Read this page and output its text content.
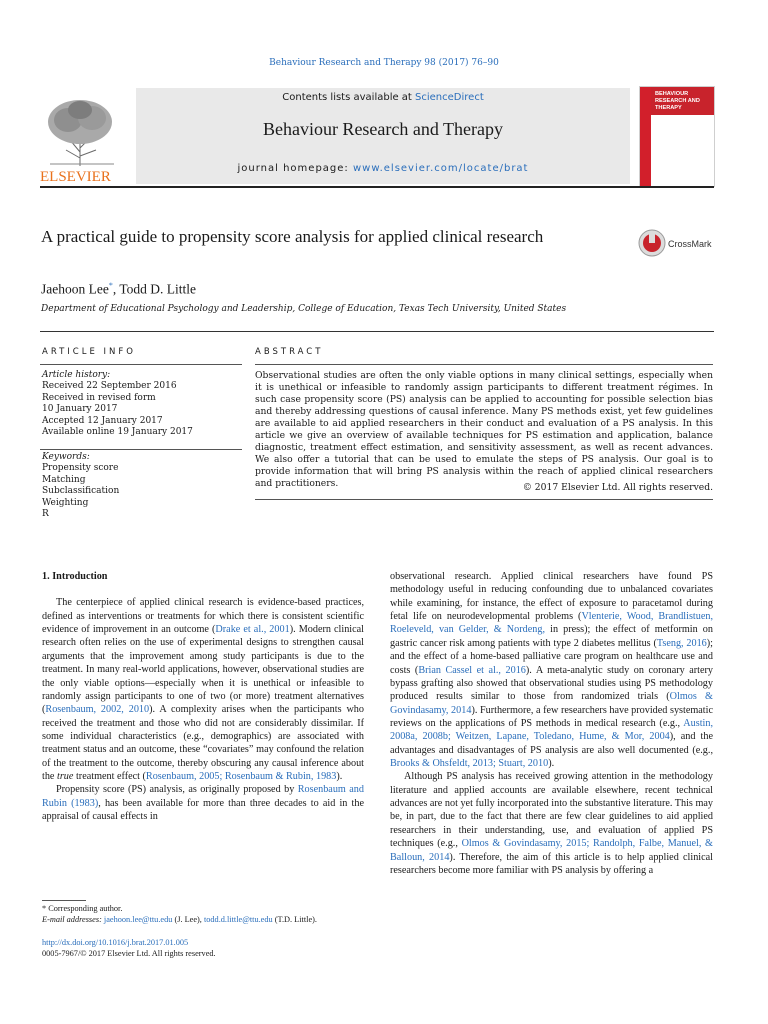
Behaviour Research and Therapy 98 (2017) 76–90
ELSEVIER
Contents lists available at ScienceDirect
Behaviour Research and Therapy
journal homepage: www.elsevier.com/locate/brat
BEHAVIOUR
RESEARCH AND
THERAPY
A practical guide to propensity score analysis for applied clinical research	CrossMark
Jaehoon Lee*, Todd D. Little
Department of Educational Psychology and Leadership, College of Education, Texas Tech University, United States
ARTICLE INFO
Article history:
Received 22 September 2016
Received in revised form
10 January 2017
Accepted 12 January 2017
Available online 19 January 2017
Keywords:
Propensity score
Matching
Subclassification
Weighting
R
ABSTRACT
Observational studies are often the only viable options in many clinical settings, especially when it is unethical or infeasible to randomly assign participants to different treatment régimes. In such case propensity score (PS) analysis can be applied to accounting for possible selection bias and thereby addressing questions of causal inference. Many PS methods exist, yet few guidelines are available to aid applied researchers in their conduct and evaluation of a PS analysis. In this article we give an overview of available techniques for PS estimation and application, balance diagnostic, treatment effect estimation, and sensitivity assessment, as well as recent advances. We also offer a tutorial that can be used to emulate the steps of PS analysis. Our goal is to provide information that will bring PS analysis within the reach of applied clinical researchers and practitioners.	© 2017 Elsevier Ltd. All rights reserved.
1. Introduction

The centerpiece of applied clinical research is evidence-based practices, defined as interventions or treatments for which there is consistent scientific evidence of improvement in an outcome (Drake et al., 2001). Modern clinical research often relies on the use of experimental designs to strengthen causal arguments that the improvement among study participants is due to the treatment. In many real-world applications, however, observational studies are the only viable options—especially when it is unethical or infeasible to randomly assign participants to one of two (or more) treatment alternatives (Rosenbaum, 2002, 2010). A complexity arises when the participants who received the treatment and those who did not are considerably dissimilar. If some individual characteristics (e.g., demographics) are associated with treatment status and an outcome, these “covariates” may confound the relation of the treatment to the outcome, thereby obscuring any causal inference about the true treatment effect (Rosenbaum, 2005; Rosenbaum & Rubin, 1983).

Propensity score (PS) analysis, as originally proposed by Rosenbaum and Rubin (1983), has been available for more than three decades to aid in the appraisal of causal effects in

observational research. Applied clinical researchers have found PS methodology useful in reducing confounding due to unbalanced covariates while examining, for instance, the effect of exposure to paracetamol during fetal life on neurodevelopmental problems (Vlenterie, Wood, Brandlistuen, Roeleveld, van Gelder, & Nordeng, in press); the effect of metformin on gastric cancer risk among patients with type 2 diabetes mellitus (Tseng, 2016); and the effect of a home-based palliative care program on healthcare use and costs (Brian Cassel et al., 2016). A meta-analytic study on coronary artery bypass grafting also showed that observational studies using PS methodology produced results similar to those from randomized trials (Olmos & Govindasamy, 2014). Furthermore, a few researchers have provided systematic reviews on the applications of PS methods in medical research (e.g., Austin, 2008a, 2008b; Weitzen, Lapane, Toledano, Hume, & Mor, 2004), and the advantages and disadvantages of PS analysis are also well documented (e.g., Brooks & Ohsfeldt, 2013; Stuart, 2010).

Although PS analysis has received growing attention in the methodology literature and applied accounts are available elsewhere, recent technical advances are not yet fully incorporated into the substantive literature. This may be, in part, due to the fact that there are few clear guidelines to aid applied researchers in their understanding, use, and evaluation of applied PS techniques (e.g., Olmos & Govindasamy, 2015; Randolph, Falbe, Manuel, & Balloun, 2014). Therefore, the aim of this article is to help applied clinical researchers become more familiar with PS analysis by offering a

* Corresponding author.
E-mail addresses: jaehoon.lee@ttu.edu (J. Lee), todd.d.little@ttu.edu (T.D. Little).
http://dx.doi.org/10.1016/j.brat.2017.01.005
0005-7967/© 2017 Elsevier Ltd. All rights reserved.
